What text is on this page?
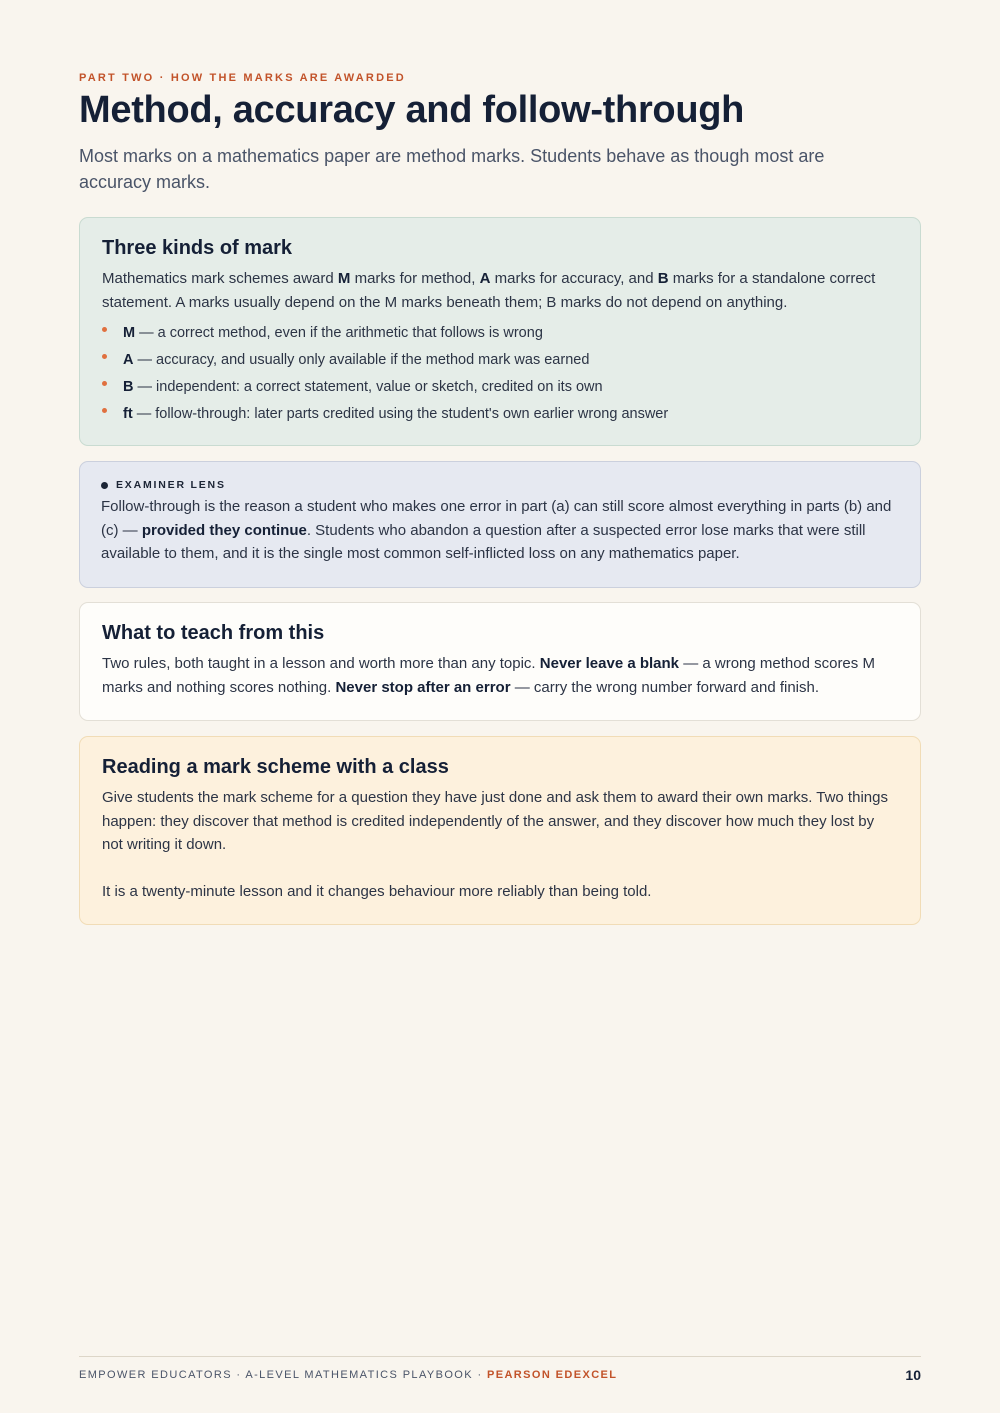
PART TWO · HOW THE MARKS ARE AWARDED
Method, accuracy and follow-through

Most marks on a mathematics paper are method marks. Students behave as though most are accuracy marks.

Three kinds of mark

Mathematics mark schemes award M marks for method, A marks for accuracy, and B marks for a standalone correct statement. A marks usually depend on the M marks beneath them; B marks do not depend on anything.

M — a correct method, even if the arithmetic that follows is wrong
A — accuracy, and usually only available if the method mark was earned
B — independent: a correct statement, value or sketch, credited on its own
ft — follow-through: later parts credited using the student's own earlier wrong answer
EXAMINER LENS

Follow-through is the reason a student who makes one error in part (a) can still score almost everything in parts (b) and (c) — provided they continue. Students who abandon a question after a suspected error lose marks that were still available to them, and it is the single most common self-inflicted loss on any mathematics paper.

What to teach from this

Two rules, both taught in a lesson and worth more than any topic. Never leave a blank — a wrong method scores M marks and nothing scores nothing. Never stop after an error — carry the wrong number forward and finish.

Reading a mark scheme with a class

Give students the mark scheme for a question they have just done and ask them to award their own marks. Two things happen: they discover that method is credited independently of the answer, and they discover how much they lost by not writing it down.

It is a twenty-minute lesson and it changes behaviour more reliably than being told.

EMPOWER EDUCATORS · A-LEVEL MATHEMATICS PLAYBOOK · PEARSON EDEXCEL	10
